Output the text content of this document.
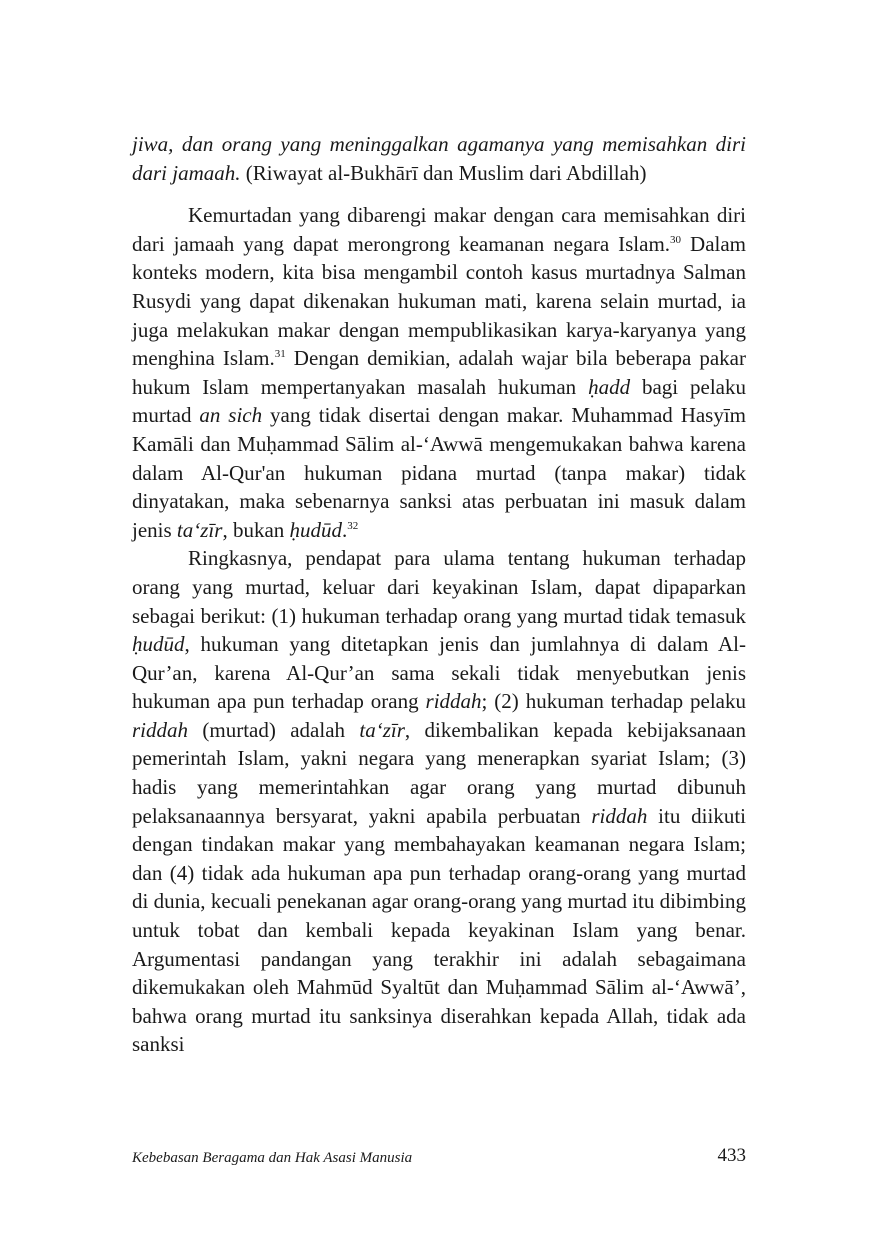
jiwa, dan orang yang meninggalkan agamanya yang memisahkan diri dari jamaah. (Riwayat al-Bukhārī dan Muslim dari Abdillah)

Kemurtadan yang dibarengi makar dengan cara memisahkan diri dari jamaah yang dapat merongrong keamanan negara Islam.$^{30}$ Dalam konteks modern, kita bisa mengambil contoh kasus murtadnya Salman Rusydi yang dapat dikenakan hukuman mati, karena selain murtad, ia juga melakukan makar dengan mempublikasikan karya-karyanya yang menghina Islam.$^{31}$ Dengan demikian, adalah wajar bila beberapa pakar hukum Islam mempertanyakan masalah hukuman ḥadd bagi pelaku murtad an sich yang tidak disertai dengan makar. Muhammad Hasyīm Kamāli dan Muḥammad Sālim al-‘Awwā mengemukakan bahwa karena dalam Al-Qur'an hukuman pidana murtad (tanpa makar) tidak dinyatakan, maka sebenarnya sanksi atas perbuatan ini masuk dalam jenis ta‘zīr, bukan ḥudūd.$^{32}$

Ringkasnya, pendapat para ulama tentang hukuman terhadap orang yang murtad, keluar dari keyakinan Islam, dapat dipaparkan sebagai berikut: (1) hukuman terhadap orang yang murtad tidak temasuk ḥudūd, hukuman yang ditetapkan jenis dan jumlahnya di dalam Al-Qur’an, karena Al-Qur’an sama sekali tidak menyebutkan jenis hukuman apa pun terhadap orang riddah; (2) hukuman terhadap pelaku riddah (murtad) adalah ta‘zīr, dikembalikan kepada kebijaksanaan pemerintah Islam, yakni negara yang menerapkan syariat Islam; (3) hadis yang memerintahkan agar orang yang murtad dibunuh pelaksanaannya bersyarat, yakni apabila perbuatan riddah itu diikuti dengan tindakan makar yang membahayakan keamanan negara Islam; dan (4) tidak ada hukuman apa pun terhadap orang-orang yang murtad di dunia, kecuali penekanan agar orang-orang yang murtad itu dibimbing untuk tobat dan kembali kepada keyakinan Islam yang benar. Argumentasi pandangan yang terakhir ini adalah sebagaimana dikemukakan oleh Mahmūd Syaltūt dan Muḥammad Sālim al-‘Awwā’, bahwa orang murtad itu sanksinya diserahkan kepada Allah, tidak ada sanksi

Kebebasan Beragama dan Hak Asasi Manusia	433
